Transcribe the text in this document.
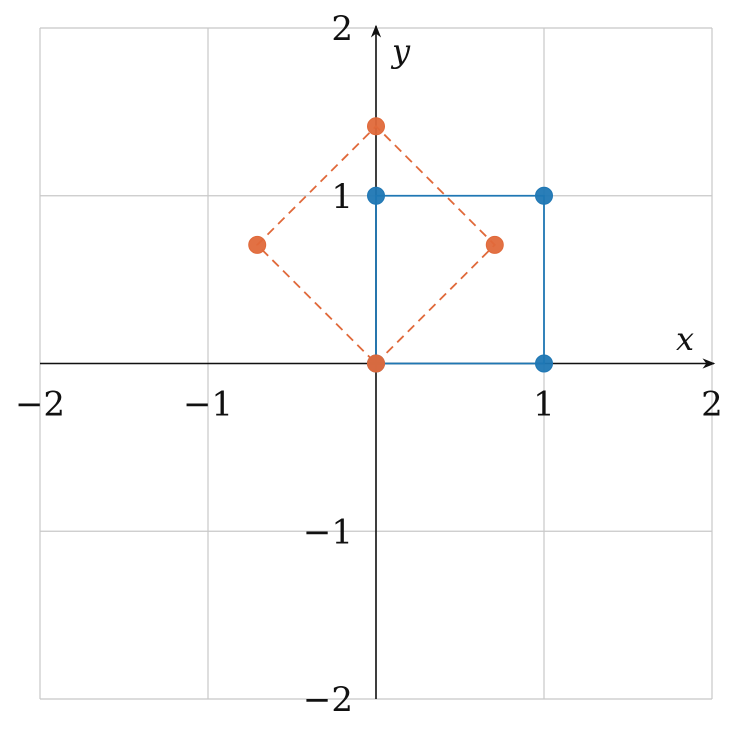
x
y
−2	−1	1	2
−2
−1
1
2
